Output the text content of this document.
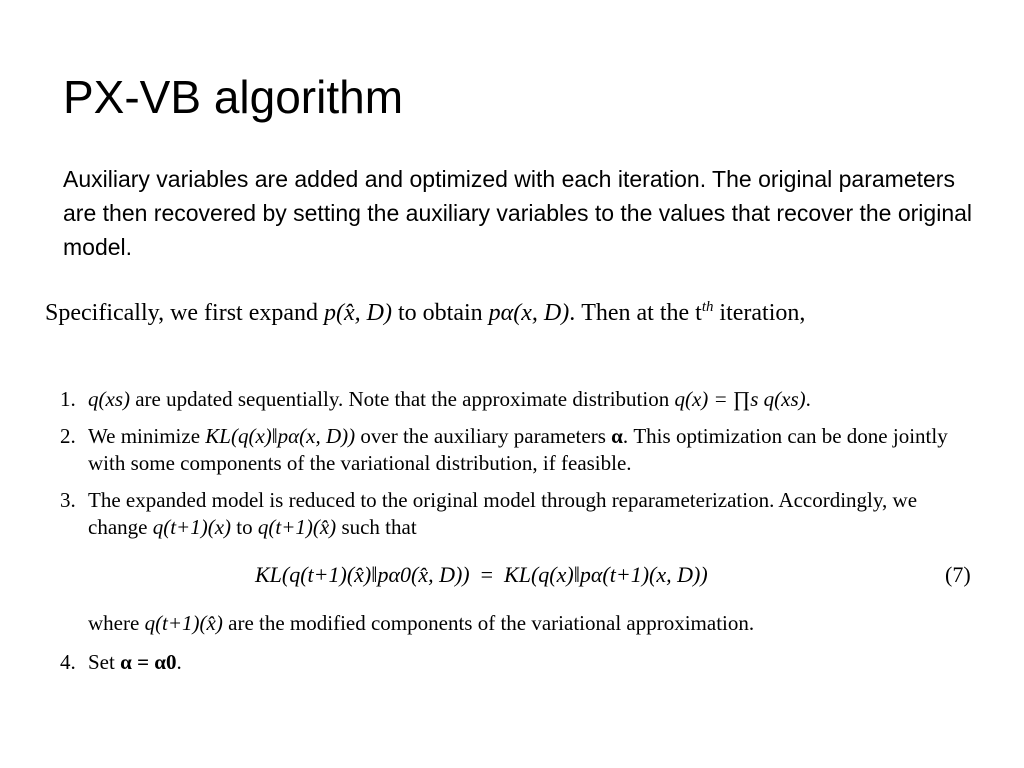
PX-VB algorithm
Auxiliary variables are added and optimized with each iteration. The original parameters are then recovered by setting the auxiliary variables to the values that recover the original model.
Specifically, we first expand p(x̂, D) to obtain pα(x, D). Then at the $t^{th}$ iteration,
1. q(xs) are updated sequentially. Note that the approximate distribution q(x) = ∏s q(xs).
2. We minimize KL(q(x)‖pα(x, D)) over the auxiliary parameters α. This optimization can be done jointly with some components of the variational distribution, if feasible.
3. The expanded model is reduced to the original model through reparameterization. Accordingly, we change q(t+1)(x) to q(t+1)(x̂) such that
KL(q(t+1)(x̂)‖pα0(x̂, D))  =  KL(q(x)‖pα(t+1)(x, D))	(7)
where q(t+1)(x̂) are the modified components of the variational approximation.
4. Set α = α0.
